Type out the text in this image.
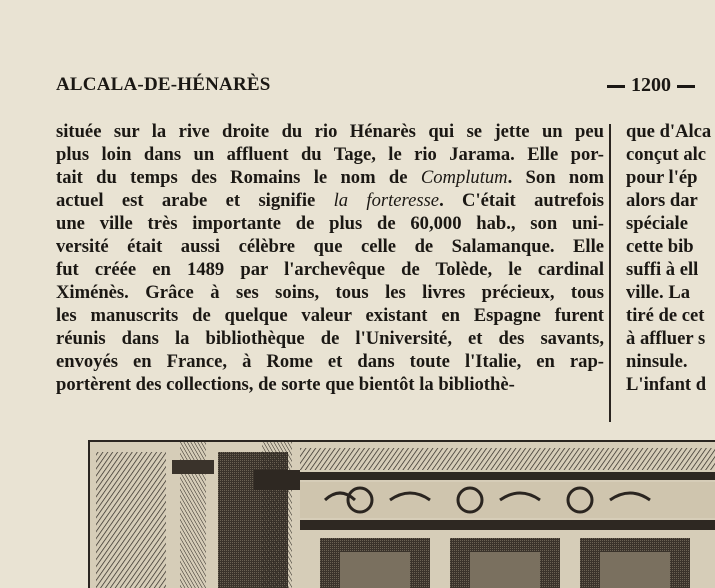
ALCALA-DE-HÉNARÈS	1200
située sur la rive droite du rio Hénarès qui se jette un peu
plus loin dans un affluent du Tage, le rio Jarama. Elle por-
tait du temps des Romains le nom de Complutum. Son nom
actuel est arabe et signifie la forteresse. C'était autrefois
une ville très importante de plus de 60,000 hab., son uni-
versité était aussi célèbre que celle de Salamanque. Elle
fut créée en 1489 par l'archevêque de Tolède, le cardinal
Ximénès. Grâce à ses soins, tous les livres précieux, tous
les manuscrits de quelque valeur existant en Espagne furent
réunis dans la bibliothèque de l'Université, et des savants,
envoyés en France, à Rome et dans toute l'Italie, en rap-
portèrent des collections, de sorte que bientôt la bibliothè-
que d'Alca
conçut alc
pour l'ép
alors dar
spéciale
cette bib
suffi à ell
ville. La
tiré de cet
à affluer s
ninsule.
L'infant d
